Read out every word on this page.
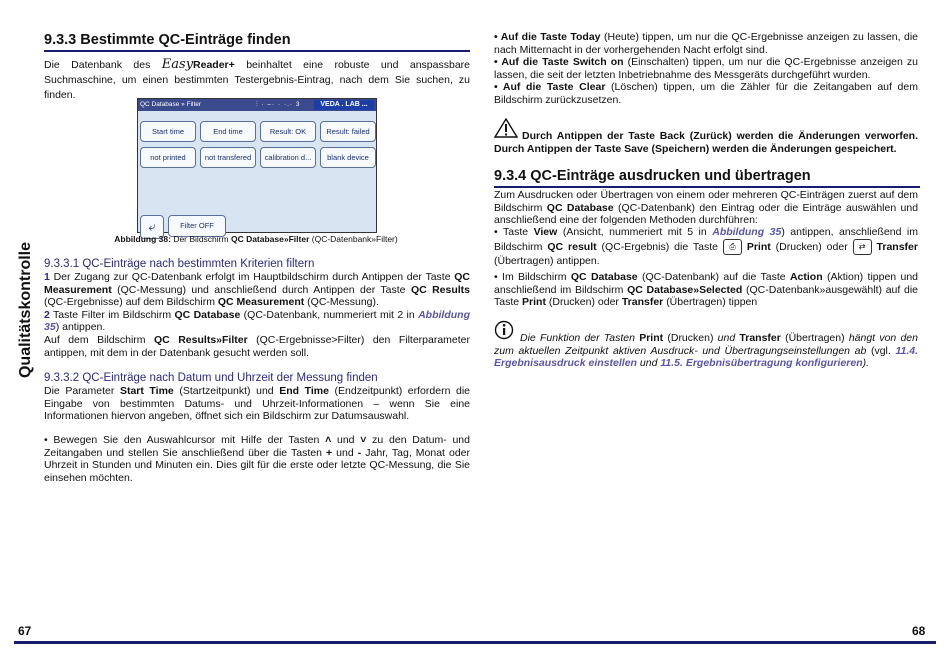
Qualitätskontrolle
9.3.3 Bestimmte QC-Einträge finden
Die Datenbank des EasyReader+ beinhaltet eine robuste und anspassbare Suchmaschine, um einen bestimmten Testergebnis-Eintrag, nach dem Sie suchen, zu finden.
QC Database » Filter	⫶ · –· · ·.· 3	VEDA . LAB ...
Start time	End time	Result: OK	Result: failed
not printed	not transfered	calibration d...	blank device
⤶	Filter OFF
Abbildung 38: Der Bildschirm QC Database»Filter (QC-Datenbank»Filter)
9.3.3.1 QC-Einträge nach bestimmten Kriterien filtern
1 Der Zugang zur QC-Datenbank erfolgt im Hauptbildschirm durch Antippen der Taste QC Measurement (QC-Messung) und anschließend durch Antippen der Taste QC Results (QC-Ergebnisse) auf dem Bildschirm QC Measurement (QC-Messung).
2 Taste Filter im Bildschirm QC Database (QC-Datenbank, nummeriert mit 2 in Abbildung 35) antippen.
Auf dem Bildschirm QC Results»Filter (QC-Ergebnisse>Filter) den Filterparameter antippen, mit dem in der Datenbank gesucht werden soll.
9.3.3.2 QC-Einträge nach Datum und Uhrzeit der Messung finden
Die Parameter Start Time (Startzeitpunkt) und End Time (Endzeitpunkt) erfordern die Eingabe von bestimmten Datums- und Uhrzeit-Informationen – wenn Sie eine Informationen hiervon angeben, öffnet sich ein Bildschirm zur Datumsauswahl.
• Bewegen Sie den Auswahlcursor mit Hilfe der Tasten ˄ und ˅ zu den Datum- und Zeitangaben und stellen Sie anschließend über die Tasten + und - Jahr, Tag, Monat oder Uhrzeit in Stunden und Minuten ein. Dies gilt für die erste oder letzte QC-Messung, die Sie einsehen möchten.
• Auf die Taste Today (Heute) tippen, um nur die QC-Ergebnisse anzeigen zu lassen, die nach Mitternacht in der vorhergehenden Nacht erfolgt sind.
• Auf die Taste Switch on (Einschalten) tippen, um nur die QC-Ergebnisse anzeigen zu lassen, die seit der letzten Inbetriebnahme des Messgeräts durchgeführt wurden.
• Auf die Taste Clear (Löschen) tippen, um die Zähler für die Zeitangaben auf dem Bildschirm zurückzusetzen.
Durch Antippen der Taste Back (Zurück) werden die Änderungen verworfen. Durch Antippen der Taste Save (Speichern) werden die Änderungen gespeichert.
9.3.4 QC-Einträge ausdrucken und übertragen
Zum Ausdrucken oder Übertragen von einem oder mehreren QC-Einträgen zuerst auf dem Bildschirm QC Database (QC-Datenbank) den Eintrag oder die Einträge auswählen und anschließend eine der folgenden Methoden durchführen:
• Taste View (Ansicht, nummeriert mit 5 in Abbildung 35) antippen, anschließend im Bildschirm QC result (QC-Ergebnis) die Taste ⎙ Print (Drucken) oder ⇄ Transfer (Übertragen) antippen.
• Im Bildschirm QC Database (QC-Datenbank) auf die Taste Action (Aktion) tippen und anschließend im Bildschirm QC Database»Selected (QC-Datenbank»ausgewählt) auf die Taste Print (Drucken) oder Transfer (Übertragen) tippen
Die Funktion der Tasten Print (Drucken) und Transfer (Übertragen) hängt von den zum aktuellen Zeitpunkt aktiven Ausdruck- und Übertragungseinstellungen ab (vgl. 11.4. Ergebnisausdruck einstellen und 11.5. Ergebnisübertragung konfigurieren).
67	68
